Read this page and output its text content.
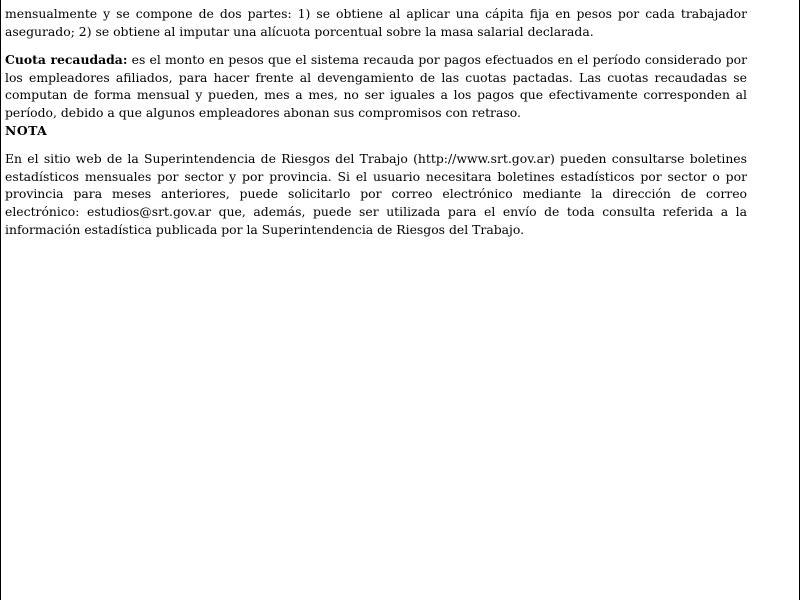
mensualmente y se compone de dos partes: 1) se obtiene al aplicar una cápita fija en pesos por cada trabajador asegurado; 2) se obtiene al imputar una alícuota porcentual sobre la masa salarial declarada.

Cuota recaudada: es el monto en pesos que el sistema recauda por pagos efectuados en el período considerado por los empleadores afiliados, para hacer frente al devengamiento de las cuotas pactadas. Las cuotas recaudadas se computan de forma mensual y pueden, mes a mes, no ser iguales a los pagos que efectivamente corresponden al período, debido a que algunos empleadores abonan sus compromisos con retraso.

NOTA

En el sitio web de la Superintendencia de Riesgos del Trabajo (http://www.srt.gov.ar) pueden consultarse boletines estadísticos mensuales por sector y por provincia. Si el usuario necesitara boletines estadísticos por sector o por provincia para meses anteriores, puede solicitarlo por correo electrónico mediante la dirección de correo electrónico: estudios@srt.gov.ar que, además, puede ser utilizada para el envío de toda consulta referida a la información estadística publicada por la Superintendencia de Riesgos del Trabajo.
